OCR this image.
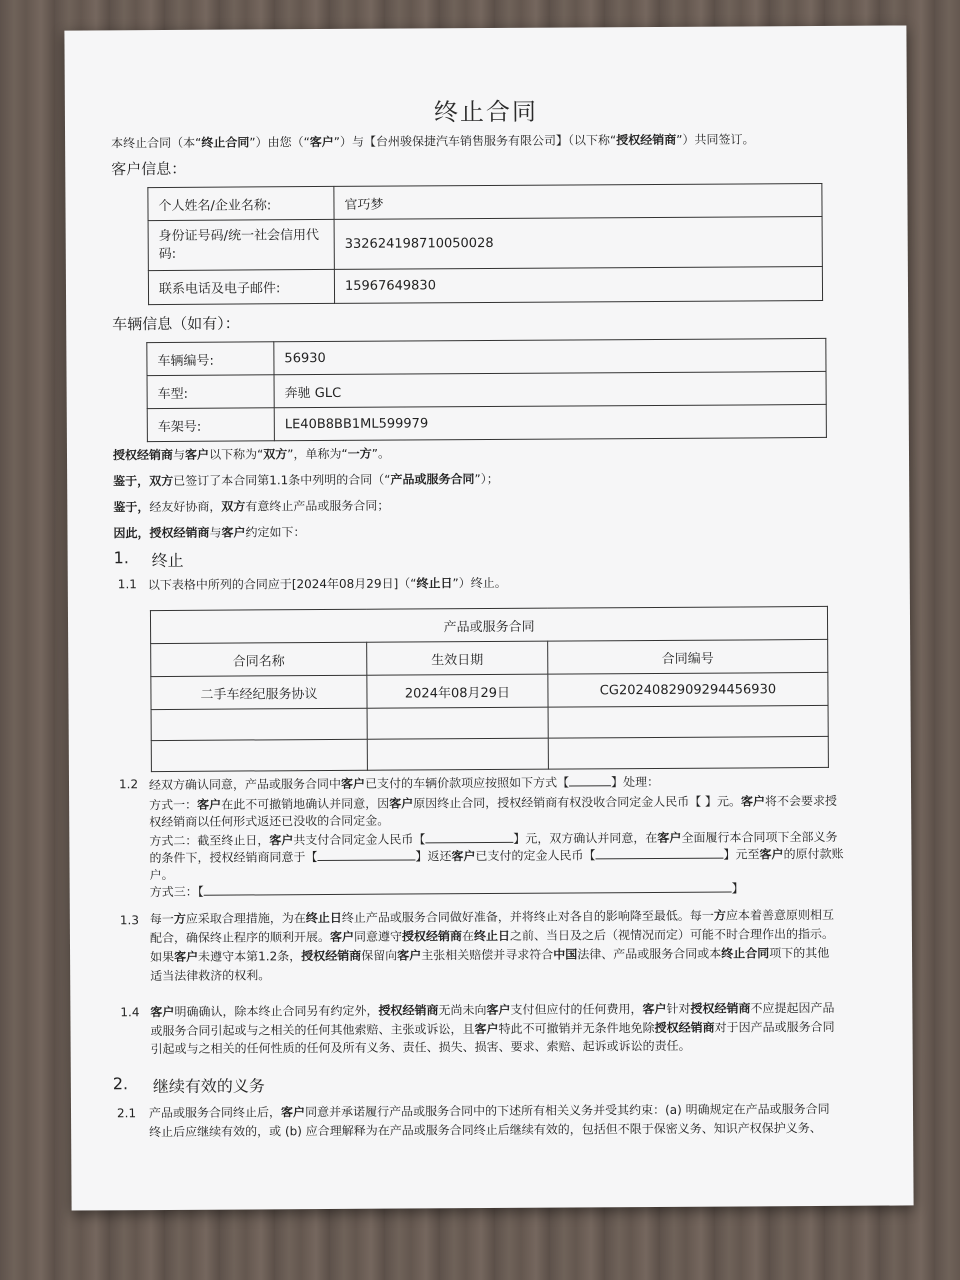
终止合同
本终止合同（本“终止合同”）由您（“客户”）与【台州骏保捷汽车销售服务有限公司】（以下称“授权经销商”）共同签订。
客户信息：
个人姓名/企业名称:	官巧梦
身份证号码/统一社会信用代码:	332624198710050028
联系电话及电子邮件:	15967649830
车辆信息（如有）：
车辆编号:	56930
车型:	奔驰 GLC
车架号:	LE40B8BB1ML599979
授权经销商与客户以下称为“双方”，单称为“一方”。
鉴于，双方已签订了本合同第1.1条中列明的合同（“产品或服务合同”）；
鉴于，经友好协商，双方有意终止产品或服务合同；
因此，授权经销商与客户约定如下：
1. 终止
1.1 以下表格中所列的合同应于[2024年08月29日]（“终止日”）终止。
产品或服务合同		
合同名称	生效日期	合同编号
二手车经纪服务协议	2024年08月29日	CG20240829092944569​30

1.2 经双方确认同意，产品或服务合同中客户已支付的车辆价款项应按照如下方式【	】处理：
方式一：客户在此不可撤销地确认并同意，因客户原因终止合同，授权经销商有权没收合同定金人民币【 】元。客户将不会要求授
权经销商以任何形式返还已没收的合同定金。
方式二：截至终止日，客户共支付合同定金人民币【	】元，双方确认并同意，在客户全面履行本合同项下全部义务
的条件下，授权经销商同意于【	】返还客户已支付的定金人民币【	】元至客户的原付款账
户。
方式三：【	】
1.3 每一方应采取合理措施，为在终止日终止产品或服务合同做好准备，并将终止对各自的影响降至最低。每一方应本着善意原则相互
配合，确保终止程序的顺利开展。客户同意遵守授权经销商在终止日之前、当日及之后（视情况而定）可能不时合理作出的指示。
如果客户未遵守本第1.2条，授权经销商保留向客户主张相关赔偿并寻求符合中国法律、产品或服务合同或本终止合同项下的其他
适当法律救济的权利。
1.4 客户明确确认，除本终止合同另有约定外，授权经销商无尚未向客户支付但应付的任何费用，客户针对授权经销商不应提起因产品
或服务合同引起或与之相关的任何其他索赔、主张或诉讼，且客户特此不可撤销并无条件地免除授权经销商对于因产品或服务合同
引起或与之相关的任何性质的任何及所有义务、责任、损失、损害、要求、索赔、起诉或诉讼的责任。
2. 继续有效的义务
2.1 产品或服务合同终止后，客户同意并承诺履行产品或服务合同中的下述所有相关义务并受其约束：(a) 明确规定在产品或服务合同
终止后应继续有效的，或 (b) 应合理解释为在产品或服务合同终止后继续有效的，包括但不限于保密义务、知识产权保护义务、
